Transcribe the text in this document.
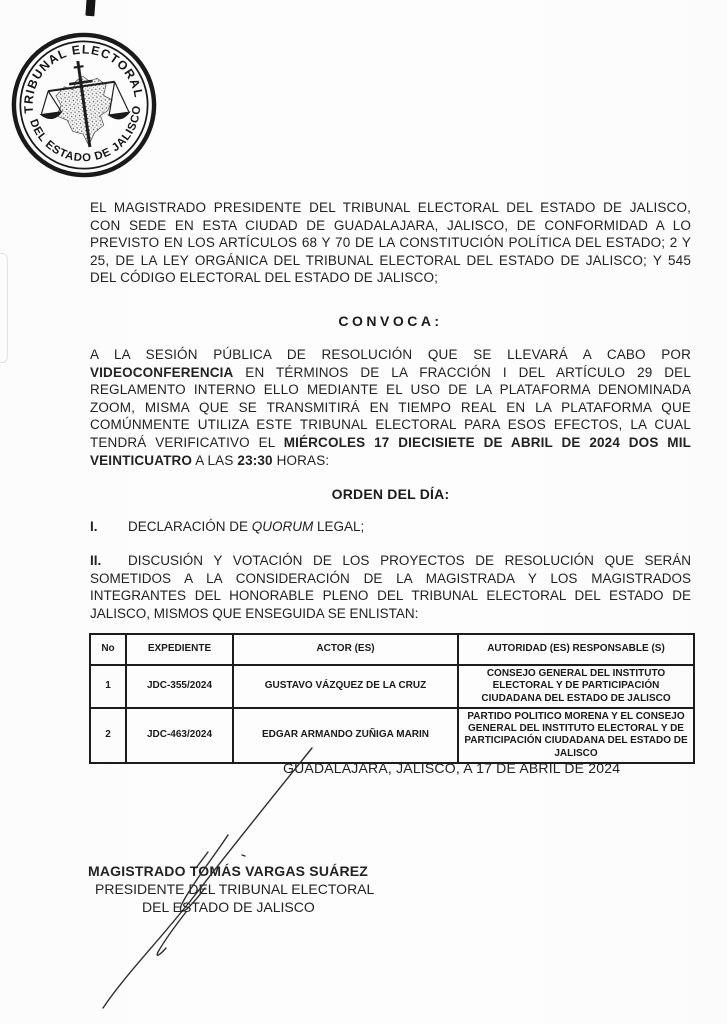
TRIBUNAL ELECTORAL
DEL ESTADO DE JALISCO

EL MAGISTRADO PRESIDENTE DEL TRIBUNAL ELECTORAL DEL ESTADO DE JALISCO, CON SEDE EN ESTA CIUDAD DE GUADALAJARA, JALISCO, DE CONFORMIDAD A LO PREVISTO EN LOS ARTÍCULOS 68 Y 70 DE LA CONSTITUCIÓN POLÍTICA DEL ESTADO; 2 Y 25, DE LA LEY ORGÁNICA DEL TRIBUNAL ELECTORAL DEL ESTADO DE JALISCO; Y 545 DEL CÓDIGO ELECTORAL DEL ESTADO DE JALISCO;

CONVOCA:

A LA SESIÓN PÚBLICA DE RESOLUCIÓN QUE SE LLEVARÁ A CABO POR VIDEOCONFERENCIA EN TÉRMINOS DE LA FRACCIÓN I DEL ARTÍCULO 29 DEL REGLAMENTO INTERNO ELLO MEDIANTE EL USO DE LA PLATAFORMA DENOMINADA ZOOM, MISMA QUE SE TRANSMITIRÁ EN TIEMPO REAL EN LA PLATAFORMA QUE COMÚNMENTE UTILIZA ESTE TRIBUNAL ELECTORAL PARA ESOS EFECTOS, LA CUAL TENDRÁ VERIFICATIVO EL MIÉRCOLES 17 DIECISIETE DE ABRIL DE 2024 DOS MIL VEINTICUATRO A LAS 23:30 HORAS:

ORDEN DEL DÍA:

I. DECLARACIÓN DE QUORUM LEGAL;

II. DISCUSIÓN Y VOTACIÓN DE LOS PROYECTOS DE RESOLUCIÓN QUE SERÁN SOMETIDOS A LA CONSIDERACIÓN DE LA MAGISTRADA Y LOS MAGISTRADOS INTEGRANTES DEL HONORABLE PLENO DEL TRIBUNAL ELECTORAL DEL ESTADO DE JALISCO, MISMOS QUE ENSEGUIDA SE ENLISTAN:

No	EXPEDIENTE	ACTOR (ES)	AUTORIDAD (ES) RESPONSABLE (S)
1	JDC-355/2024	GUSTAVO VÁZQUEZ DE LA CRUZ	CONSEJO GENERAL DEL INSTITUTO ELECTORAL Y DE PARTICIPACIÓN CIUDADANA DEL ESTADO DE JALISCO
2	JDC-463/2024	EDGAR ARMANDO ZUÑIGA MARIN	PARTIDO POLITICO MORENA Y EL CONSEJO GENERAL DEL INSTITUTO ELECTORAL Y DE PARTICIPACIÓN CIUDADANA DEL ESTADO DE JALISCO

GUADALAJARA, JALISCO, A 17 DE ABRIL DE 2024

MAGISTRADO TOMÁS VARGAS SUÁREZ

PRESIDENTE DEL TRIBUNAL ELECTORAL

DEL ESTADO DE JALISCO
